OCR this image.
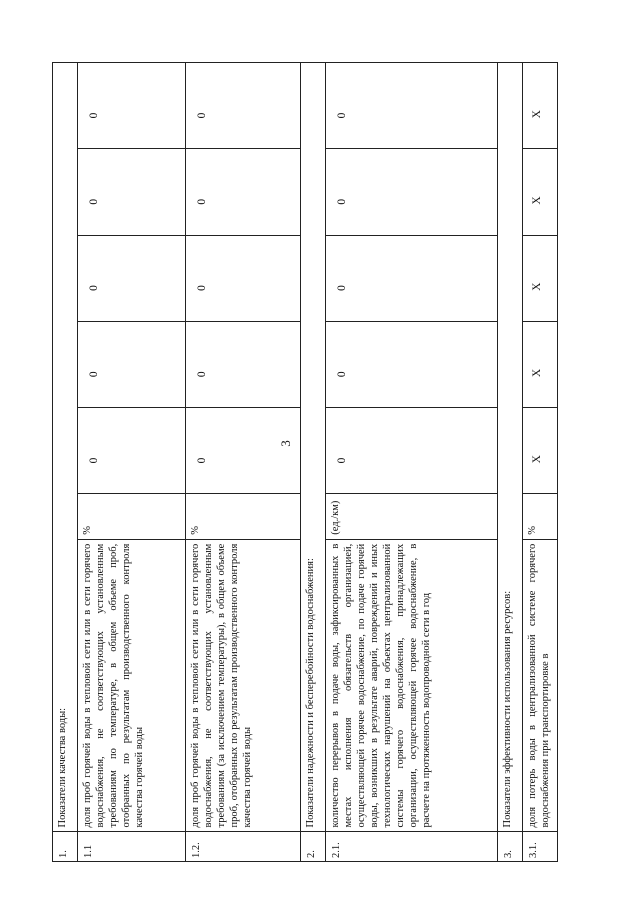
3
1.	Показатели качества воды:						
1.1	доля проб горячей воды в тепловой сети или в сети горячего водоснабжения, не соответствующих установленным требованиям по температуре, в общем объеме проб, отобранных по результатам производственного контроля качества горячей воды	%	0	0	0	0	0
1.2.	доля проб горячей воды в тепловой сети или в сети горячего водоснабжения, не соответствующих установленным требованиям (за исключением температуры), в общем объеме проб, отобранных по результатам производственного контроля качества горячей воды	%	0	0	0	0	0
2.	Показатели надежности и бесперебойности водоснабжения:						
2.1.	количество перерывов в подаче воды, зафиксированных в местах исполнения обязательств организацией, осуществляющей горячее водоснабжение, по подаче горячей воды, возникших в результате аварий, повреждений и иных технологических нарушений на объектах централизованной системы горячего водоснабжения, принадлежащих организации, осуществляющей горячее водоснабжение, в расчете на протяженность водопроводной сети в год	(ед./км)	0	0	0	0	0
3.	Показатели эффективности использования ресурсов:						
3.1.	доля потерь воды в централизованной системе горячего водоснабжения при транспортировке в	%	X	X	X	X	X
